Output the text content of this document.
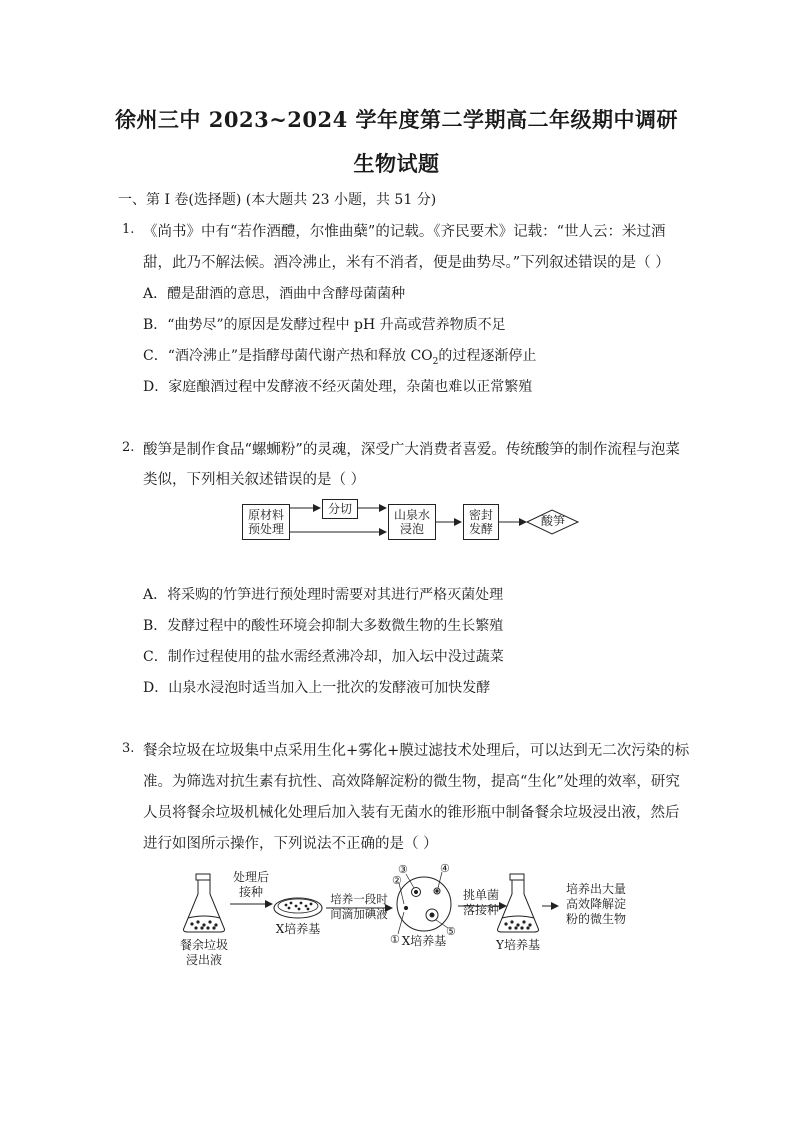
徐州三中 2023~2024 学年度第二学期高二年级期中调研
生物试题
一、第 I 卷(选择题) (本大题共 23 小题，共 51 分)
1. 《尚书》中有“若作酒醴，尔惟曲蘖”的记载。《齐民要术》记载：“世人云：米过酒
甜，此乃不解法候。酒冷沸止，米有不消者，便是曲势尽。”下列叙述错误的是（ ）
A．醴是甜酒的意思，酒曲中含酵母菌菌种
B．“曲势尽”的原因是发酵过程中 pH 升高或营养物质不足
C．“酒冷沸止”是指酵母菌代谢产热和释放 $CO_2$的过程逐渐停止
D．家庭酿酒过程中发酵液不经灭菌处理，杂菌也难以正常繁殖
2. 酸笋是制作食品“螺蛳粉”的灵魂，深受广大消费者喜爱。传统酸笋的制作流程与泡菜
类似，下列相关叙述错误的是（ ）
原材料
预处理
分切	山泉水
浸泡
密封
发酵
酸笋
A．将采购的竹笋进行预处理时需要对其进行严格灭菌处理
B．发酵过程中的酸性环境会抑制大多数微生物的生长繁殖
C．制作过程使用的盐水需经煮沸冷却，加入坛中没过蔬菜
D．山泉水浸泡时适当加入上一批次的发酵液可加快发酵
3. 餐余垃圾在垃圾集中点采用生化+雾化+膜过滤技术处理后，可以达到无二次污染的标
准。为筛选对抗生素有抗性、高效降解淀粉的微生物，提高“生化”处理的效率，研究
人员将餐余垃圾机械化处理后加入装有无菌水的锥形瓶中制备餐余垃圾浸出液，然后
进行如图所示操作，下列说法不正确的是（ ）
餐余垃圾
浸出液
处理后
接种
X培养基
培养一段时
间滴加碘液
X培养基
①
②
③	④
⑤
挑单菌
落接种
Y培养基
培养出大量
高效降解淀
粉的微生物
